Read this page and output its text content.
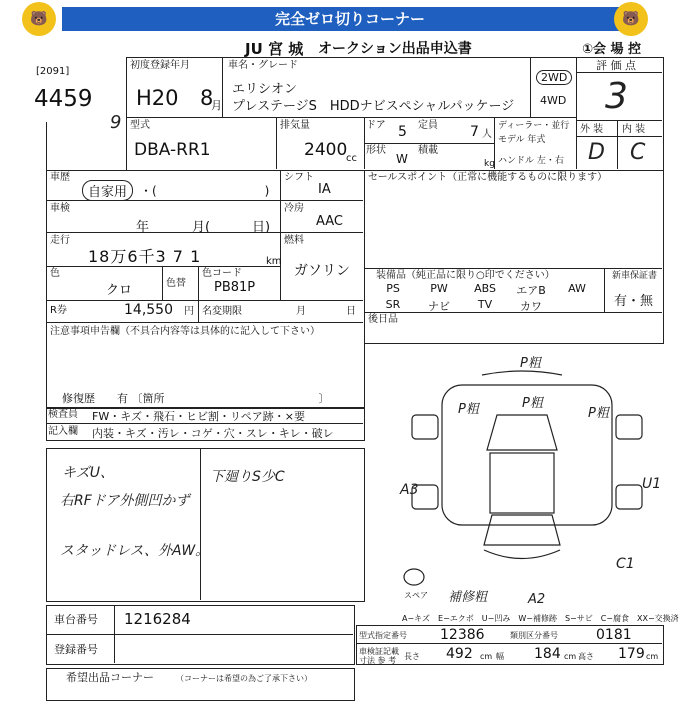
🐻	完全ゼロ切りコーナー	🐻
JU 宮 城 オークション出品申込書	①会 場 控
[2091]
4459
9
初度登録年月
H20 8
月
車名・グレード
エリシオン
プレステージS　HDDナビスペシャルパッケージ
2WD
4WD
評 価 点
3
型式
DBA-RR1
排気量
2400
cc
ドア 5 定員 7 人
ディーラー・並行
モデル 年式
ハンドル 左・右
形状
W
積載
kg
外 装 内 装
D C
車歴
自家用	・(　　　　　　　　　)
シフト
IA
車検
年	月(	日)
冷房
AAC
走行
18万6千3 7 1	km
燃料
ガソリン
色
クロ	色替
色コード
PB81P
R券	14,550 円 名変期限	月	日
注意事項申告欄（不具合内容等は具体的に記入して下さい）
修復歴　　有 〔箇所　　　　　　　　　　　　　　〕
セールスポイント（正常に機能するものに限ります）
装備品（純正品に限り○印でください）	新車保証書
有・無
PS	PW	ABS	エアB	AW
SR	ナビ	TV	カワ
後日品
検査員 FW・キズ・飛石・ヒビ割・リペア跡・×要
記入欄 内装・キズ・汚レ・コゲ・穴・スレ・キレ・破レ
キズU、
右RFドア外側凹かず
スタッドレス、外AW。
下廻りS少C
P粗
P粗	P粗
P粗
A3	U1
C1
A2
補修粗
スペア
A−キズ　E−エクボ　U−凹み　W−補修跡　S−サビ　C−腐食　XX−交換済
車台番号 1216284
登録番号
型式指定番号 12386	類別区分番号	0181
車検証記載寸法 参 考 長さ 492 cm 幅 184 cm 高さ 179 cm
希望出品コーナー	（コーナーは希望の為ご了承下さい）
